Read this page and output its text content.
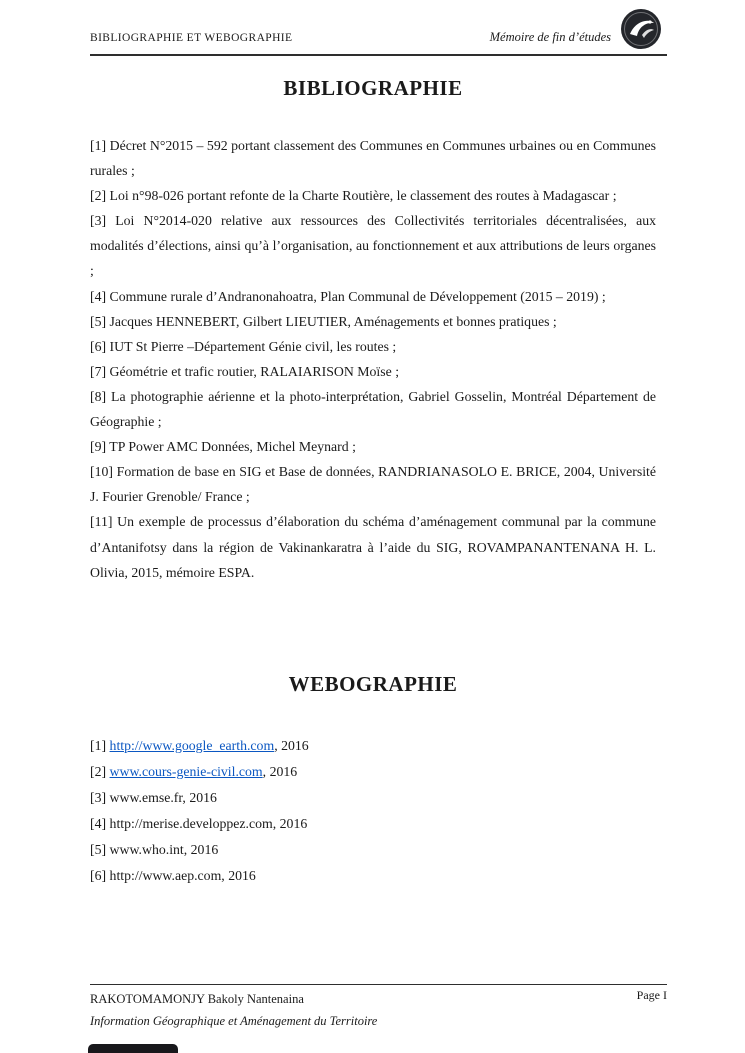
BIBLIOGRAPHIE ET WEBOGRAPHIE	Mémoire de fin d’études
BIBLIOGRAPHIE

[1] Décret N°2015 – 592 portant classement des Communes en Communes urbaines ou en Communes rurales ;

[2] Loi n°98-026 portant refonte de la Charte Routière, le classement des routes à Madagascar ;

[3] Loi N°2014-020 relative aux ressources des Collectivités territoriales décentralisées, aux modalités d’élections, ainsi qu’à l’organisation, au fonctionnement et aux attributions de leurs organes ;

[4] Commune rurale d’Andranonahoatra, Plan Communal de Développement (2015 – 2019) ;

[5] Jacques HENNEBERT, Gilbert LIEUTIER, Aménagements et bonnes pratiques ;

[6] IUT St Pierre –Département Génie civil, les routes ;

[7] Géométrie et trafic routier, RALAIARISON Moïse ;

[8] La photographie aérienne et la photo-interprétation, Gabriel Gosselin, Montréal Département de Géographie ;

[9] TP Power AMC Données, Michel Meynard ;

[10] Formation de base en SIG et Base de données, RANDRIANASOLO E. BRICE, 2004, Université J. Fourier Grenoble/ France ;

[11] Un exemple de processus d’élaboration du schéma d’aménagement communal par la commune d’Antanifotsy dans la région de Vakinankaratra à l’aide du SIG, ROVAMPANANTENANA H. L. Olivia, 2015, mémoire ESPA.

WEBOGRAPHIE

[1] http://www.google_earth.com, 2016

[2] www.cours-genie-civil.com, 2016

[3] www.emse.fr, 2016

[4] http://merise.developpez.com, 2016

[5] www.who.int, 2016

[6] http://www.aep.com, 2016

RAKOTOMAMONJY Bakoly Nantenaina
Information Géographique et Aménagement du Territoire
Page I
